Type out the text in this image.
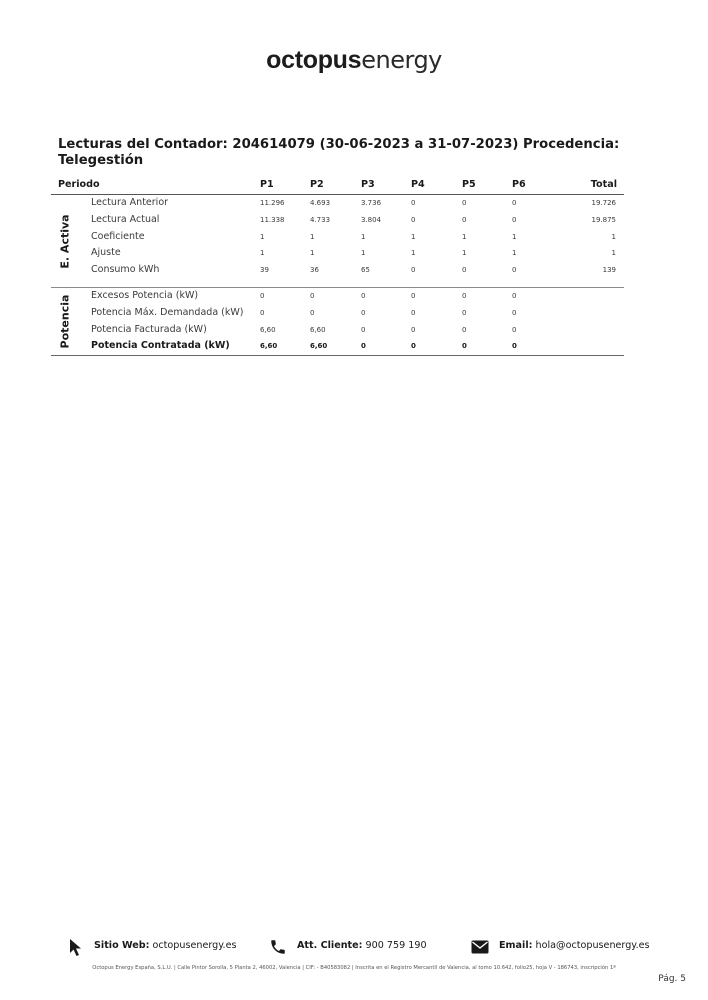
octopusenergy
Lecturas del Contador: 204614079 (30-06-2023 a 31-07-2023) Procedencia: Telegestión
Periodo	P1	P2	P3	P4	P5	P6	Total
E. Activa
Lectura Anterior	11.296	4.693	3.736	0	0	0	19.726
Lectura Actual	11.338	4.733	3.804	0	0	0	19.875
Coeficiente	1	1	1	1	1	1	1
Ajuste	1	1	1	1	1	1	1
Consumo kWh	39	36	65	0	0	0	139
Potencia Excesos Potencia (kW)	0	0	0	0	0	0
Potencia Máx. Demandada (kW) 0	0	0	0	0	0
Potencia Facturada (kW)	6,60	6,60	0	0	0	0
Potencia Contratada (kW)	6,60	6,60	0	0	0	0
Sitio Web: octopusenergy.es	Att. Cliente: 900 759 190	Email: hola@octopusenergy.es
Octopus Energy España, S.L.U. | Calle Pintor Sorolla, 5 Planta 2, 46002, Valencia | CIF: - B40583082 | Inscrita en el Registro Mercantil de Valencia, al tomo 10.642, folio25, hoja V - 186743, inscripción 1ª
Pág. 5
